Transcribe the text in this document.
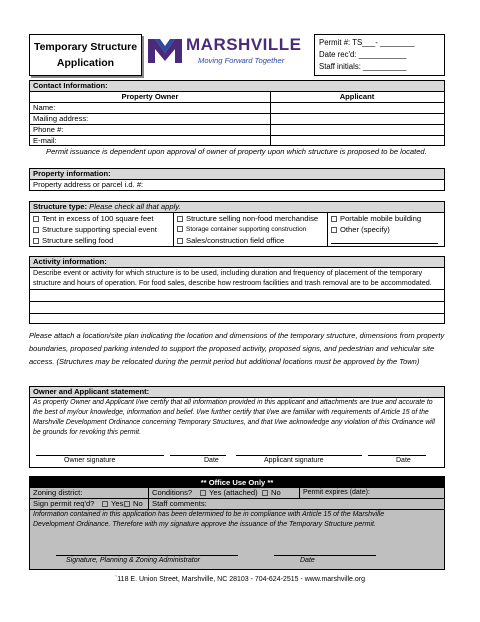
Temporary Structure
Application
MARSHVILLE
Moving Forward Together
Permit #: TS___- ________
Date rec'd: ___________
Staff initials: __________
Contact Information:
Property Owner	Applicant
Name:
Mailing address:
Phone #:
E-mail:
Permit issuance is dependent upon approval of owner of property upon which structure is proposed to be located.
Property information:
Property address or parcel i.d. #:
Structure type: Please check all that apply.
Tent in excess of 100 square feet
Structure supporting special event
Structure selling food
Structure selling non-food merchandise
Storage container supporting construction
Sales/construction field office
Portable mobile building
Other (specify)
Activity information:
Describe event or activity for which structure is to be used, including duration and frequency of placement of the temporary structure and hours of operation. For food sales, describe how restroom facilities and trash removal are to be accommodated.
Please attach a location/site plan indicating the location and dimensions of the temporary structure, dimensions from property boundaries, proposed parking intended to support the proposed activity, proposed signs, and pedestrian and vehicular site access. (Structures may be relocated during the permit period but additional locations must be approved by the Town)
Owner and Applicant statement:
As property Owner and Applicant I/we certify that all information provided in this applicant and attachments are true and accurate to the best of my/our knowledge, information and belief. I/we further certify that I/we are familiar with requirements of Article 15 of the Marshville Development Ordinance concerning Temporary Structures, and that I/we acknowledge any violation of this Ordinance will be grounds for revoking this permit.
Owner signature	Date	Applicant signature	Date
** Office Use Only **
Zoning district:	Conditions?	Yes (attached)	No	Permit expires (date):
Sign permit req'd?	Yes	No Staff comments:
Information contained in this application has been determined to be in compliance with Article 15 of the Marshville Development Ordinance. Therefore with my signature approve the issuance of the Temporary Structure permit.
Signature, Planning & Zoning Administrator	Date
`118 E. Union Street, Marshville, NC 28103 - 704-624-2515 - www.marshville.org
